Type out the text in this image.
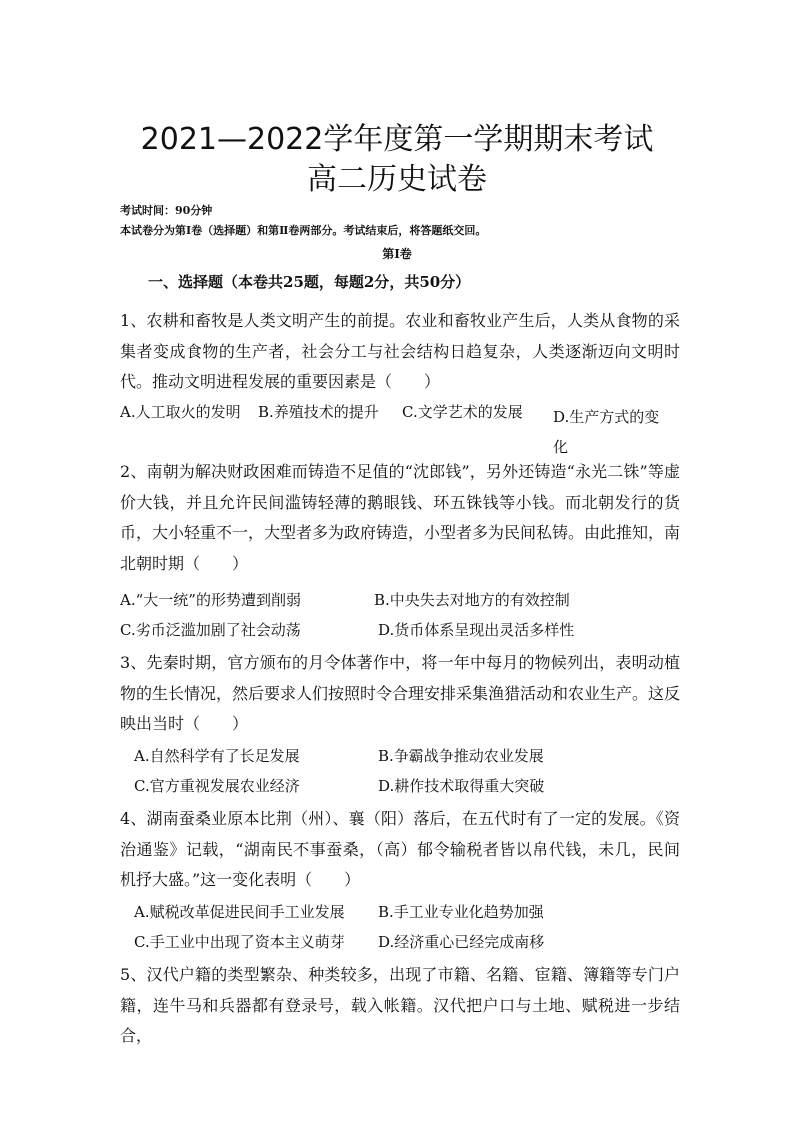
2021—2022学年度第一学期期末考试
高二历史试卷
考试时间：90分钟
本试卷分为第Ⅰ卷（选择题）和第Ⅱ卷两部分。考试结束后，将答题纸交回。
第Ⅰ卷
一、选择题（本卷共25题，每题2分，共50分）
1、农耕和畜牧是人类文明产生的前提。农业和畜牧业产生后，人类从食物的采集者变成食物的生产者，社会分工与社会结构日趋复杂，人类逐渐迈向文明时代。推动文明进程发展的重要因素是（　　）
A.人工取火的发明 B.养殖技术的提升 C.文学艺术的发展 D.生产方式的变化
2、南朝为解决财政困难而铸造不足值的“沈郎钱”，另外还铸造“永光二铢”等虚价大钱，并且允许民间滥铸轻薄的鹅眼钱、环五铢钱等小钱。而北朝发行的货币，大小轻重不一，大型者多为政府铸造，小型者多为民间私铸。由此推知，南北朝时期（　　）
A.“大一统”的形势遭到削弱	B.中央失去对地方的有效控制
C.劣币泛滥加剧了社会动荡	D.货币体系呈现出灵活多样性
3、先秦时期，官方颁布的月令体著作中，将一年中每月的物候列出，表明动植物的生长情况，然后要求人们按照时令合理安排采集渔猎活动和农业生产。这反映出当时（　　）
A.自然科学有了长足发展	B.争霸战争推动农业发展
C.官方重视发展农业经济	D.耕作技术取得重大突破
4、湖南蚕桑业原本比荆（州）、襄（阳）落后，在五代时有了一定的发展。《资治通鉴》记载，“湖南民不事蚕桑，（高）郁令输税者皆以帛代钱，未几，民间机抒大盛。”这一变化表明（　　）
A.赋税改革促进民间手工业发展 B.手工业专业化趋势加强
C.手工业中出现了资本主义萌芽 D.经济重心已经完成南移
5、汉代户籍的类型繁杂、种类较多，出现了市籍、名籍、宦籍、簿籍等专门户籍，连牛马和兵器都有登录号，载入帐籍。汉代把户口与土地、赋税进一步结合，
